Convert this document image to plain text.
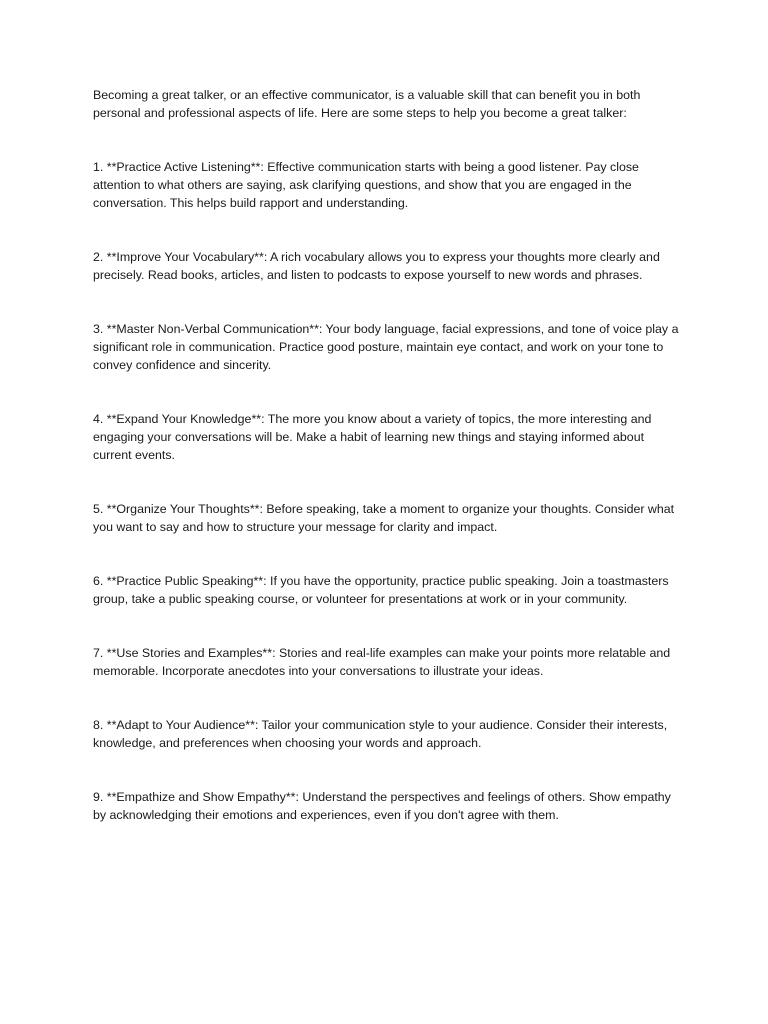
Becoming a great talker, or an effective communicator, is a valuable skill that can benefit you in both personal and professional aspects of life. Here are some steps to help you become a great talker:

1. **Practice Active Listening**: Effective communication starts with being a good listener. Pay close attention to what others are saying, ask clarifying questions, and show that you are engaged in the conversation. This helps build rapport and understanding.

2. **Improve Your Vocabulary**: A rich vocabulary allows you to express your thoughts more clearly and precisely. Read books, articles, and listen to podcasts to expose yourself to new words and phrases.

3. **Master Non-Verbal Communication**: Your body language, facial expressions, and tone of voice play a significant role in communication. Practice good posture, maintain eye contact, and work on your tone to convey confidence and sincerity.

4. **Expand Your Knowledge**: The more you know about a variety of topics, the more interesting and engaging your conversations will be. Make a habit of learning new things and staying informed about current events.

5. **Organize Your Thoughts**: Before speaking, take a moment to organize your thoughts. Consider what you want to say and how to structure your message for clarity and impact.

6. **Practice Public Speaking**: If you have the opportunity, practice public speaking. Join a toastmasters group, take a public speaking course, or volunteer for presentations at work or in your community.

7. **Use Stories and Examples**: Stories and real-life examples can make your points more relatable and memorable. Incorporate anecdotes into your conversations to illustrate your ideas.

8. **Adapt to Your Audience**: Tailor your communication style to your audience. Consider their interests, knowledge, and preferences when choosing your words and approach.

9. **Empathize and Show Empathy**: Understand the perspectives and feelings of others. Show empathy by acknowledging their emotions and experiences, even if you don't agree with them.
